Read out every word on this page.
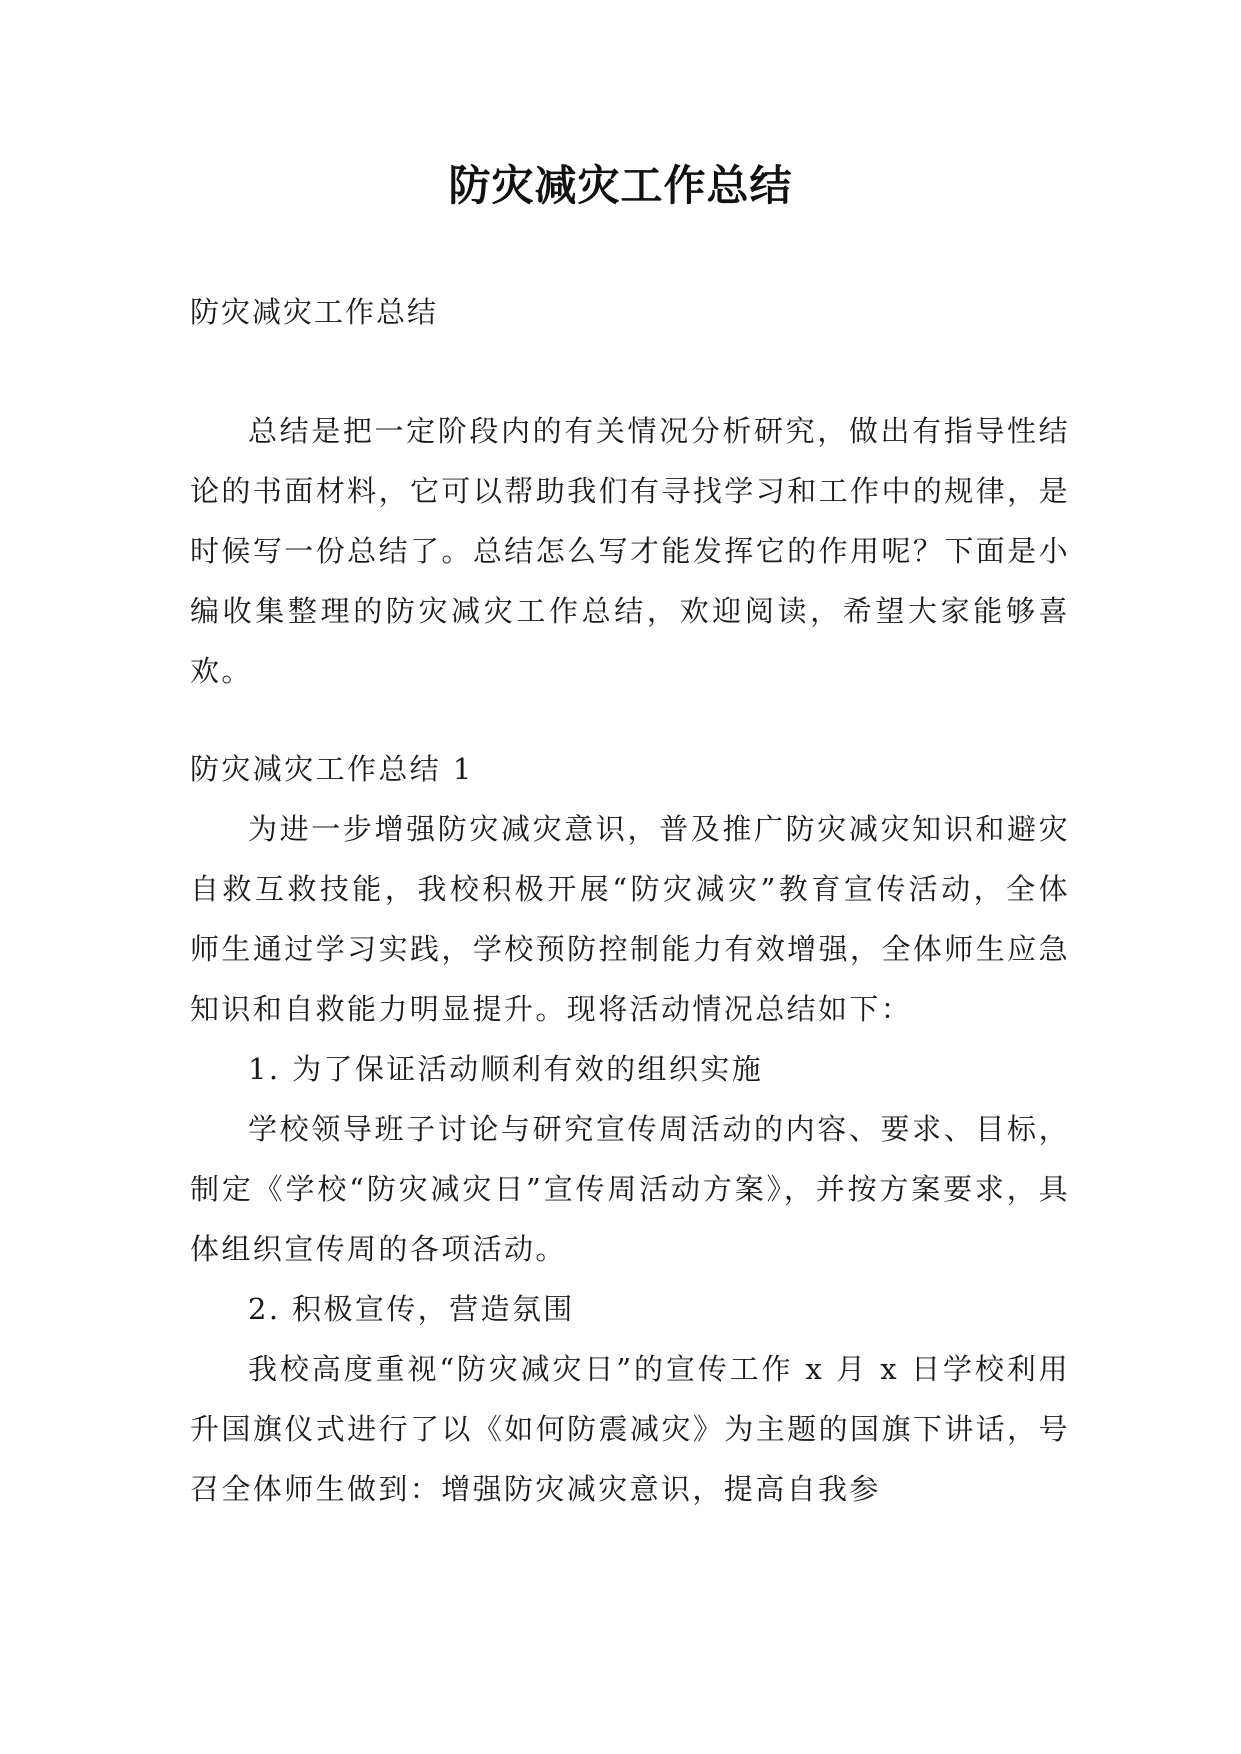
防灾减灾工作总结
防灾减灾工作总结

总结是把一定阶段内的有关情况分析研究，做出有指导性结论的书面材料，它可以帮助我们有寻找学习和工作中的规律，是时候写一份总结了。总结怎么写才能发挥它的作用呢？下面是小编收集整理的防灾减灾工作总结，欢迎阅读，希望大家能够喜欢。

防灾减灾工作总结 1

为进一步增强防灾减灾意识，普及推广防灾减灾知识和避灾自救互救技能，我校积极开展“防灾减灾”教育宣传活动，全体师生通过学习实践，学校预防控制能力有效增强，全体师生应急知识和自救能力明显提升。现将活动情况总结如下：

1. 为了保证活动顺利有效的组织实施

学校领导班子讨论与研究宣传周活动的内容、要求、目标，制定《学校“防灾减灾日”宣传周活动方案》，并按方案要求，具体组织宣传周的各项活动。

2. 积极宣传，营造氛围

我校高度重视“防灾减灾日”的宣传工作 x 月 x 日学校利用升国旗仪式进行了以《如何防震减灾》为主题的国旗下讲话，号召全体师生做到：增强防灾减灾意识，提高自我参
